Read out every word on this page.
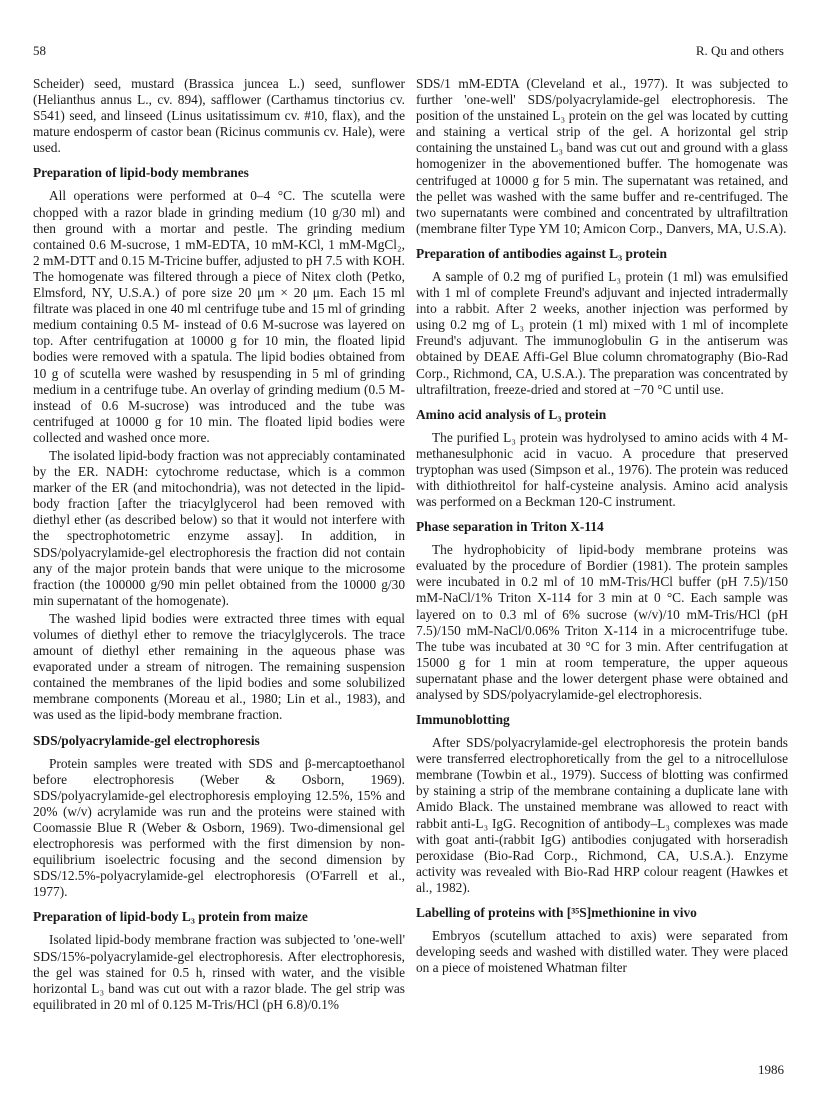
58	R. Qu and others

Scheider) seed, mustard (Brassica juncea L.) seed, sunflower (Helianthus annus L., cv. 894), safflower (Carthamus tinctorius cv. S541) seed, and linseed (Linus usitatissimum cv. #10, flax), and the mature endosperm of castor bean (Ricinus communis cv. Hale), were used.

Preparation of lipid-body membranes

All operations were performed at 0–4 °C. The scutella were chopped with a razor blade in grinding medium (10 g/30 ml) and then ground with a mortar and pestle. The grinding medium contained 0.6 M-sucrose, 1 mM-EDTA, 10 mM-KCl, 1 mM-MgCl₂, 2 mM-DTT and 0.15 M-Tricine buffer, adjusted to pH 7.5 with KOH. The homogenate was filtered through a piece of Nitex cloth (Petko, Elmsford, NY, U.S.A.) of pore size 20 μm × 20 μm. Each 15 ml filtrate was placed in one 40 ml centrifuge tube and 15 ml of grinding medium containing 0.5 M- instead of 0.6 M-sucrose was layered on top. After centrifugation at 10000 g for 10 min, the floated lipid bodies were removed with a spatula. The lipid bodies obtained from 10 g of scutella were washed by resuspending in 5 ml of grinding medium in a centrifuge tube. An overlay of grinding medium (0.5 M- instead of 0.6 M-sucrose) was introduced and the tube was centrifuged at 10000 g for 10 min. The floated lipid bodies were collected and washed once more.

The isolated lipid-body fraction was not appreciably contaminated by the ER. NADH: cytochrome reductase, which is a common marker of the ER (and mitochondria), was not detected in the lipid-body fraction [after the triacylglycerol had been removed with diethyl ether (as described below) so that it would not interfere with the spectrophotometric enzyme assay]. In addition, in SDS/polyacrylamide-gel electrophoresis the fraction did not contain any of the major protein bands that were unique to the microsome fraction (the 100000 g/90 min pellet obtained from the 10000 g/30 min supernatant of the homogenate).

The washed lipid bodies were extracted three times with equal volumes of diethyl ether to remove the triacylglycerols. The trace amount of diethyl ether remaining in the aqueous phase was evaporated under a stream of nitrogen. The remaining suspension contained the membranes of the lipid bodies and some solubilized membrane components (Moreau et al., 1980; Lin et al., 1983), and was used as the lipid-body membrane fraction.

SDS/polyacrylamide-gel electrophoresis

Protein samples were treated with SDS and β-mercaptoethanol before electrophoresis (Weber & Osborn, 1969). SDS/polyacrylamide-gel electrophoresis employing 12.5%, 15% and 20% (w/v) acrylamide was run and the proteins were stained with Coomassie Blue R (Weber & Osborn, 1969). Two-dimensional gel electrophoresis was performed with the first dimension by non-equilibrium isoelectric focusing and the second dimension by SDS/12.5%-polyacrylamide-gel electrophoresis (O'Farrell et al., 1977).

Preparation of lipid-body L₃ protein from maize

Isolated lipid-body membrane fraction was subjected to 'one-well' SDS/15%-polyacrylamide-gel electrophoresis. After electrophoresis, the gel was stained for 0.5 h, rinsed with water, and the visible horizontal L₃ band was cut out with a razor blade. The gel strip was equilibrated in 20 ml of 0.125 M-Tris/HCl (pH 6.8)/0.1%

SDS/1 mM-EDTA (Cleveland et al., 1977). It was subjected to further 'one-well' SDS/polyacrylamide-gel electrophoresis. The position of the unstained L₃ protein on the gel was located by cutting and staining a vertical strip of the gel. A horizontal gel strip containing the unstained L₃ band was cut out and ground with a glass homogenizer in the abovementioned buffer. The homogenate was centrifuged at 10000 g for 5 min. The supernatant was retained, and the pellet was washed with the same buffer and re-centrifuged. The two supernatants were combined and concentrated by ultrafiltration (membrane filter Type YM 10; Amicon Corp., Danvers, MA, U.S.A).

Preparation of antibodies against L₃ protein

A sample of 0.2 mg of purified L₃ protein (1 ml) was emulsified with 1 ml of complete Freund's adjuvant and injected intradermally into a rabbit. After 2 weeks, another injection was performed by using 0.2 mg of L₃ protein (1 ml) mixed with 1 ml of incomplete Freund's adjuvant. The immunoglobulin G in the antiserum was obtained by DEAE Affi-Gel Blue column chromatography (Bio-Rad Corp., Richmond, CA, U.S.A.). The preparation was concentrated by ultrafiltration, freeze-dried and stored at −70 °C until use.

Amino acid analysis of L₃ protein

The purified L₃ protein was hydrolysed to amino acids with 4 M-methanesulphonic acid in vacuo. A procedure that preserved tryptophan was used (Simpson et al., 1976). The protein was reduced with dithiothreitol for half-cysteine analysis. Amino acid analysis was performed on a Beckman 120-C instrument.

Phase separation in Triton X-114

The hydrophobicity of lipid-body membrane proteins was evaluated by the procedure of Bordier (1981). The protein samples were incubated in 0.2 ml of 10 mM-Tris/HCl buffer (pH 7.5)/150 mM-NaCl/1% Triton X-114 for 3 min at 0 °C. Each sample was layered on to 0.3 ml of 6% sucrose (w/v)/10 mM-Tris/HCl (pH 7.5)/150 mM-NaCl/0.06% Triton X-114 in a microcentrifuge tube. The tube was incubated at 30 °C for 3 min. After centrifugation at 15000 g for 1 min at room temperature, the upper aqueous supernatant phase and the lower detergent phase were obtained and analysed by SDS/polyacrylamide-gel electrophoresis.

Immunoblotting

After SDS/polyacrylamide-gel electrophoresis the protein bands were transferred electrophoretically from the gel to a nitrocellulose membrane (Towbin et al., 1979). Success of blotting was confirmed by staining a strip of the membrane containing a duplicate lane with Amido Black. The unstained membrane was allowed to react with rabbit anti-L₃ IgG. Recognition of antibody–L₃ complexes was made with goat anti-(rabbit IgG) antibodies conjugated with horseradish peroxidase (Bio-Rad Corp., Richmond, CA, U.S.A.). Enzyme activity was revealed with Bio-Rad HRP colour reagent (Hawkes et al., 1982).

Labelling of proteins with [³⁵S]methionine in vivo

Embryos (scutellum attached to axis) were separated from developing seeds and washed with distilled water. They were placed on a piece of moistened Whatman filter

1986
